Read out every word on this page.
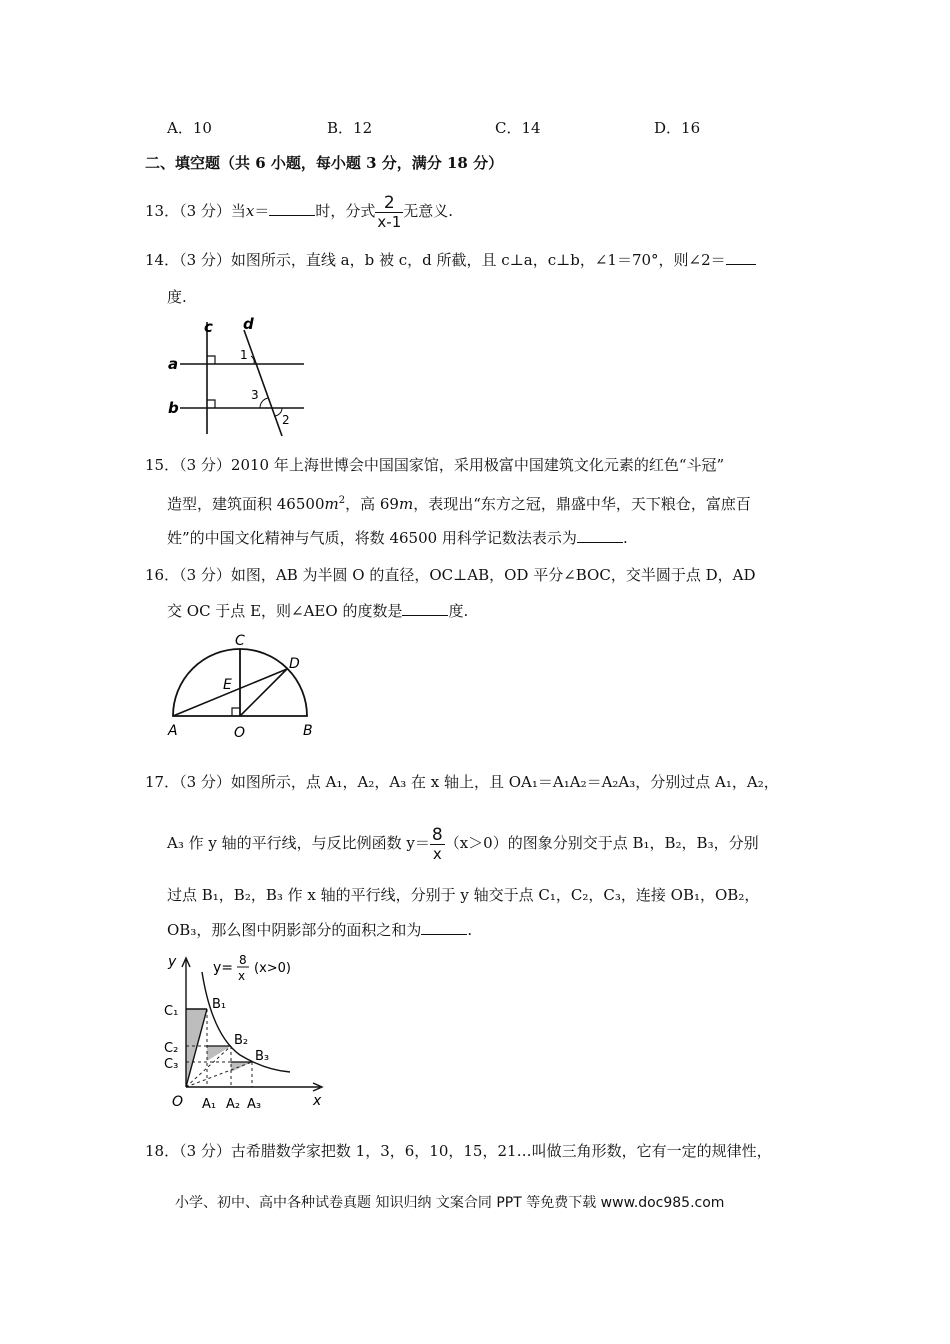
A．10	B．12	C．14	D．16
二、填空题（共 6 小题，每小题 3 分，满分 18 分）
13．（3 分）当x＝	时，分式 $\frac{2}{x-1}$ 无意义.
14．（3 分）如图所示，直线 a，b 被 c，d 所截，且 c⊥a，c⊥b，∠1＝70°，则∠2＝
度.
c d
a
b
1
3
2
15．（3 分）2010 年上海世博会中国国家馆，采用极富中国建筑文化元素的红色“斗冠”
造型，建筑面积 $46500m^2$，高 69m，表现出“东方之冠，鼎盛中华，天下粮仓，富庶百
姓”的中国文化精神与气质，将数 46500 用科学记数法表示为	.
16．（3 分）如图，AB 为半圆 O 的直径，OC⊥AB，OD 平分∠BOC，交半圆于点 D，AD
交 OC 于点 E，则∠AEO 的度数是	度.
C
D
E
A	O	B
17．（3 分）如图所示，点 A₁，A₂，A₃ 在 x 轴上，且 OA₁＝A₁A₂＝A₂A₃，分别过点 A₁，A₂，
A₃ 作 y 轴的平行线，与反比例函数 $y= \frac{8}{x} (x>0)$的图象分别交于点 B₁，B₂，B₃，分别
过点 B₁，B₂，B₃ 作 x 轴的平行线，分别于 y 轴交于点 C₁，C₂，C₃，连接 OB₁，OB₂，
OB₃，那么图中阴影部分的面积之和为	.
y
x
O
y= 8
x (x>0)
C₁
C₂
C₃
B₁
B₂
B₃
A₁ A₂ A₃
18．（3 分）古希腊数学家把数 1，3，6，10，15，21…叫做三角形数，它有一定的规律性，
小学、初中、高中各种试卷真题 知识归纳 文案合同 PPT 等免费下载 www.doc985.com
